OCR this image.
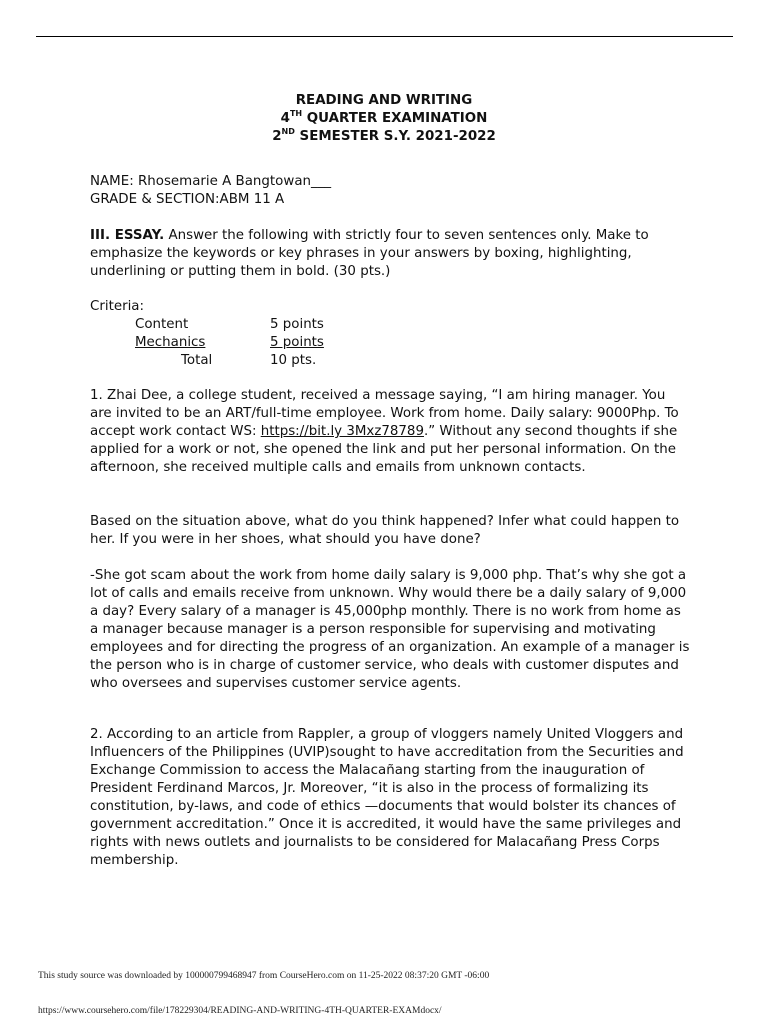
READING AND WRITING
4TH QUARTER EXAMINATION
2ND SEMESTER S.Y. 2021-2022

NAME: Rhosemarie A Bangtowan___

GRADE & SECTION:ABM 11 A

III. ESSAY. Answer the following with strictly four to seven sentences only. Make to emphasize the keywords or key phrases in your answers by boxing, highlighting, underlining or putting them in bold. (30 pts.)

Criteria:

Content	5 points
Mechanics	5 points
Total	10 pts.

1. Zhai Dee, a college student, received a message saying, “I am hiring manager. You are invited to be an ART/full-time employee. Work from home. Daily salary: 9000Php. To accept work contact WS: https://bit.ly 3Mxz78789.” Without any second thoughts if she applied for a work or not, she opened the link and put her personal information. On the afternoon, she received multiple calls and emails from unknown contacts.

Based on the situation above, what do you think happened? Infer what could happen to her. If you were in her shoes, what should you have done?

-She got scam about the work from home daily salary is 9,000 php. That’s why she got a lot of calls and emails receive from unknown. Why would there be a daily salary of 9,000 a day? Every salary of a manager is 45,000php monthly. There is no work from home as a manager because manager is a person responsible for supervising and motivating employees and for directing the progress of an organization. An example of a manager is the person who is in charge of customer service, who deals with customer disputes and who oversees and supervises customer service agents.

2. According to an article from Rappler, a group of vloggers namely United Vloggers and Influencers of the Philippines (UVIP)sought to have accreditation from the Securities and Exchange Commission to access the Malacañang starting from the inauguration of President Ferdinand Marcos, Jr. Moreover, “it is also in the process of formalizing its constitution, by-laws, and code of ethics —documents that would bolster its chances of government accreditation.” Once it is accredited, it would have the same privileges and rights with news outlets and journalists to be considered for Malacañang Press Corps membership.

This study source was downloaded by 100000799468947 from CourseHero.com on 11-25-2022 08:37:20 GMT -06:00
https://www.coursehero.com/file/178229304/READING-AND-WRITING-4TH-QUARTER-EXAMdocx/
